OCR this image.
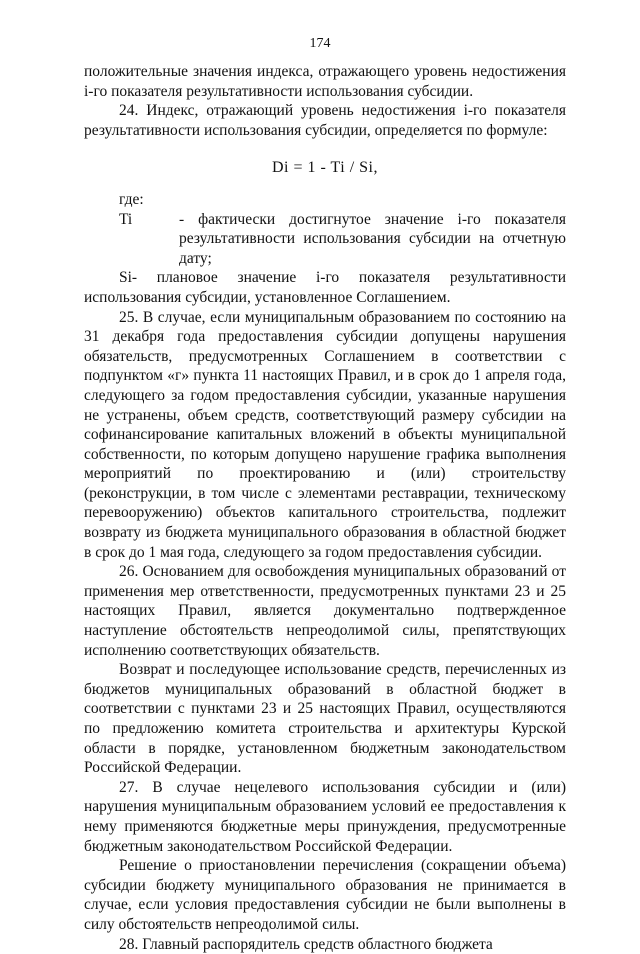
174

положительные значения индекса, отражающего уровень недостижения i-го показателя результативности использования субсидии.

24. Индекс, отражающий уровень недостижения i-го показателя результативности использования субсидии, определяется по формуле:

Di = 1 - Ti / Si,

где:

Ti	- фактически достигнутое значение i-го показателя результативности использования субсидии на отчетную дату;

Si- плановое значение i-го показателя результативности использования субсидии, установленное Соглашением.

25. В случае, если муниципальным образованием по состоянию на 31 декабря года предоставления субсидии допущены нарушения обязательств, предусмотренных Соглашением в соответствии с подпунктом «г» пункта 11 настоящих Правил, и в срок до 1 апреля года, следующего за годом предоставления субсидии, указанные нарушения не устранены, объем средств, соответствующий размеру субсидии на софинансирование капитальных вложений в объекты муниципальной собственности, по которым допущено нарушение графика выполнения мероприятий по проектированию и (или) строительству (реконструкции, в том числе с элементами реставрации, техническому перевооружению) объектов капитального строительства, подлежит возврату из бюджета муниципального образования в областной бюджет в срок до 1 мая года, следующего за годом предоставления субсидии.

26. Основанием для освобождения муниципальных образований от применения мер ответственности, предусмотренных пунктами 23 и 25 настоящих Правил, является документально подтвержденное наступление обстоятельств непреодолимой силы, препятствующих исполнению соответствующих обязательств.

Возврат и последующее использование средств, перечисленных из бюджетов муниципальных образований в областной бюджет в соответствии с пунктами 23 и 25 настоящих Правил, осуществляются по предложению комитета строительства и архитектуры Курской области в порядке, установленном бюджетным законодательством Российской Федерации.

27. В случае нецелевого использования субсидии и (или) нарушения муниципальным образованием условий ее предоставления к нему применяются бюджетные меры принуждения, предусмотренные бюджетным законодательством Российской Федерации.

Решение о приостановлении перечисления (сокращении объема) субсидии бюджету муниципального образования не принимается в случае, если условия предоставления субсидии не были выполнены в силу обстоятельств непреодолимой силы.

28. Главный распорядитель средств областного бюджета
